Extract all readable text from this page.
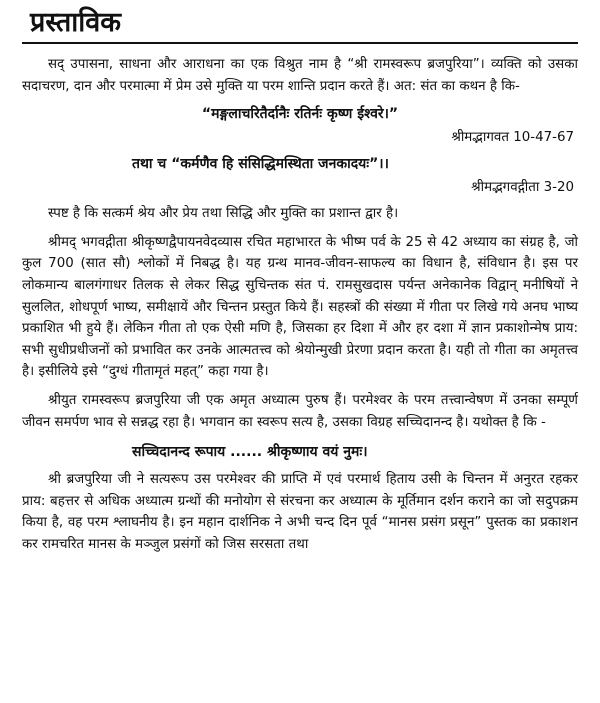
प्रस्ताविक

सद् उपासना, साधना और आराधना का एक विश्रुत नाम है “श्री रामस्वरूप ब्रजपुरिया”। व्यक्ति को उसका सदाचरण, दान और परमात्मा में प्रेम उसे मुक्ति या परम शान्ति प्रदान करते हैं। अत: संत का कथन है कि-

“मङ्गलाचरितैर्दानैः रतिर्नः कृष्ण ईश्वरे।”
श्रीमद्भागवत 10-47-67
तथा च “कर्मणैव हि संसिद्धिमस्थिता जनकादयः”।।
श्रीमद्भगवद्गीता 3-20

स्पष्ट है कि सत्कर्म श्रेय और प्रेय तथा सिद्धि और मुक्ति का प्रशान्त द्वार है।

श्रीमद् भगवद्गीता श्रीकृष्णद्वैपायनवेदव्यास रचित महाभारत के भीष्म पर्व के 25 से 42 अध्याय का संग्रह है, जो कुल 700 (सात सौ) श्लोकों में निबद्ध है। यह ग्रन्थ मानव-जीवन-साफल्य का विधान है, संविधान है। इस पर लोकमान्य बालगंगाधर तिलक से लेकर सिद्ध सुचिन्तक संत पं. रामसुखदास पर्यन्त अनेकानेक विद्वान् मनीषियों ने सुललित, शोधपूर्ण भाष्य, समीक्षायें और चिन्तन प्रस्तुत किये हैं। सहस्त्रों की संख्या में गीता पर लिखे गये अनघ भाष्य प्रकाशित भी हुये हैं। लेकिन गीता तो एक ऐसी मणि है, जिसका हर दिशा में और हर दशा में ज्ञान प्रकाशोन्मेष प्राय: सभी सुधीप्रधीजनों को प्रभावित कर उनके आत्मतत्त्व को श्रेयोन्मुखी प्रेरणा प्रदान करता है। यही तो गीता का अमृतत्त्व है। इसीलिये इसे “दुग्धं गीतामृतं महत्” कहा गया है।

श्रीयुत रामस्वरूप ब्रजपुरिया जी एक अमृत अध्यात्म पुरुष हैं। परमेश्वर के परम तत्त्वान्वेषण में उनका सम्पूर्ण जीवन समर्पण भाव से सन्नद्ध रहा है। भगवान का स्वरूप सत्य है, उसका विग्रह सच्चिदानन्द है। यथोक्त है कि -

सच्चिदानन्द रूपाय ...... श्रीकृष्णाय वयं नुमः।

श्री ब्रजपुरिया जी ने सत्यरूप उस परमेश्वर की प्राप्ति में एवं परमार्थ हिताय उसी के चिन्तन में अनुरत रहकर प्राय: बहत्तर से अधिक अध्यात्म ग्रन्थों की मनोयोग से संरचना कर अध्यात्म के मूर्तिमान दर्शन कराने का जो सदुपक्रम किया है, वह परम श्लाघनीय है। इन महान दार्शनिक ने अभी चन्द दिन पूर्व “मानस प्रसंग प्रसून” पुस्तक का प्रकाशन कर रामचरित मानस के मञ्जुल प्रसंगों को जिस सरसता तथा
